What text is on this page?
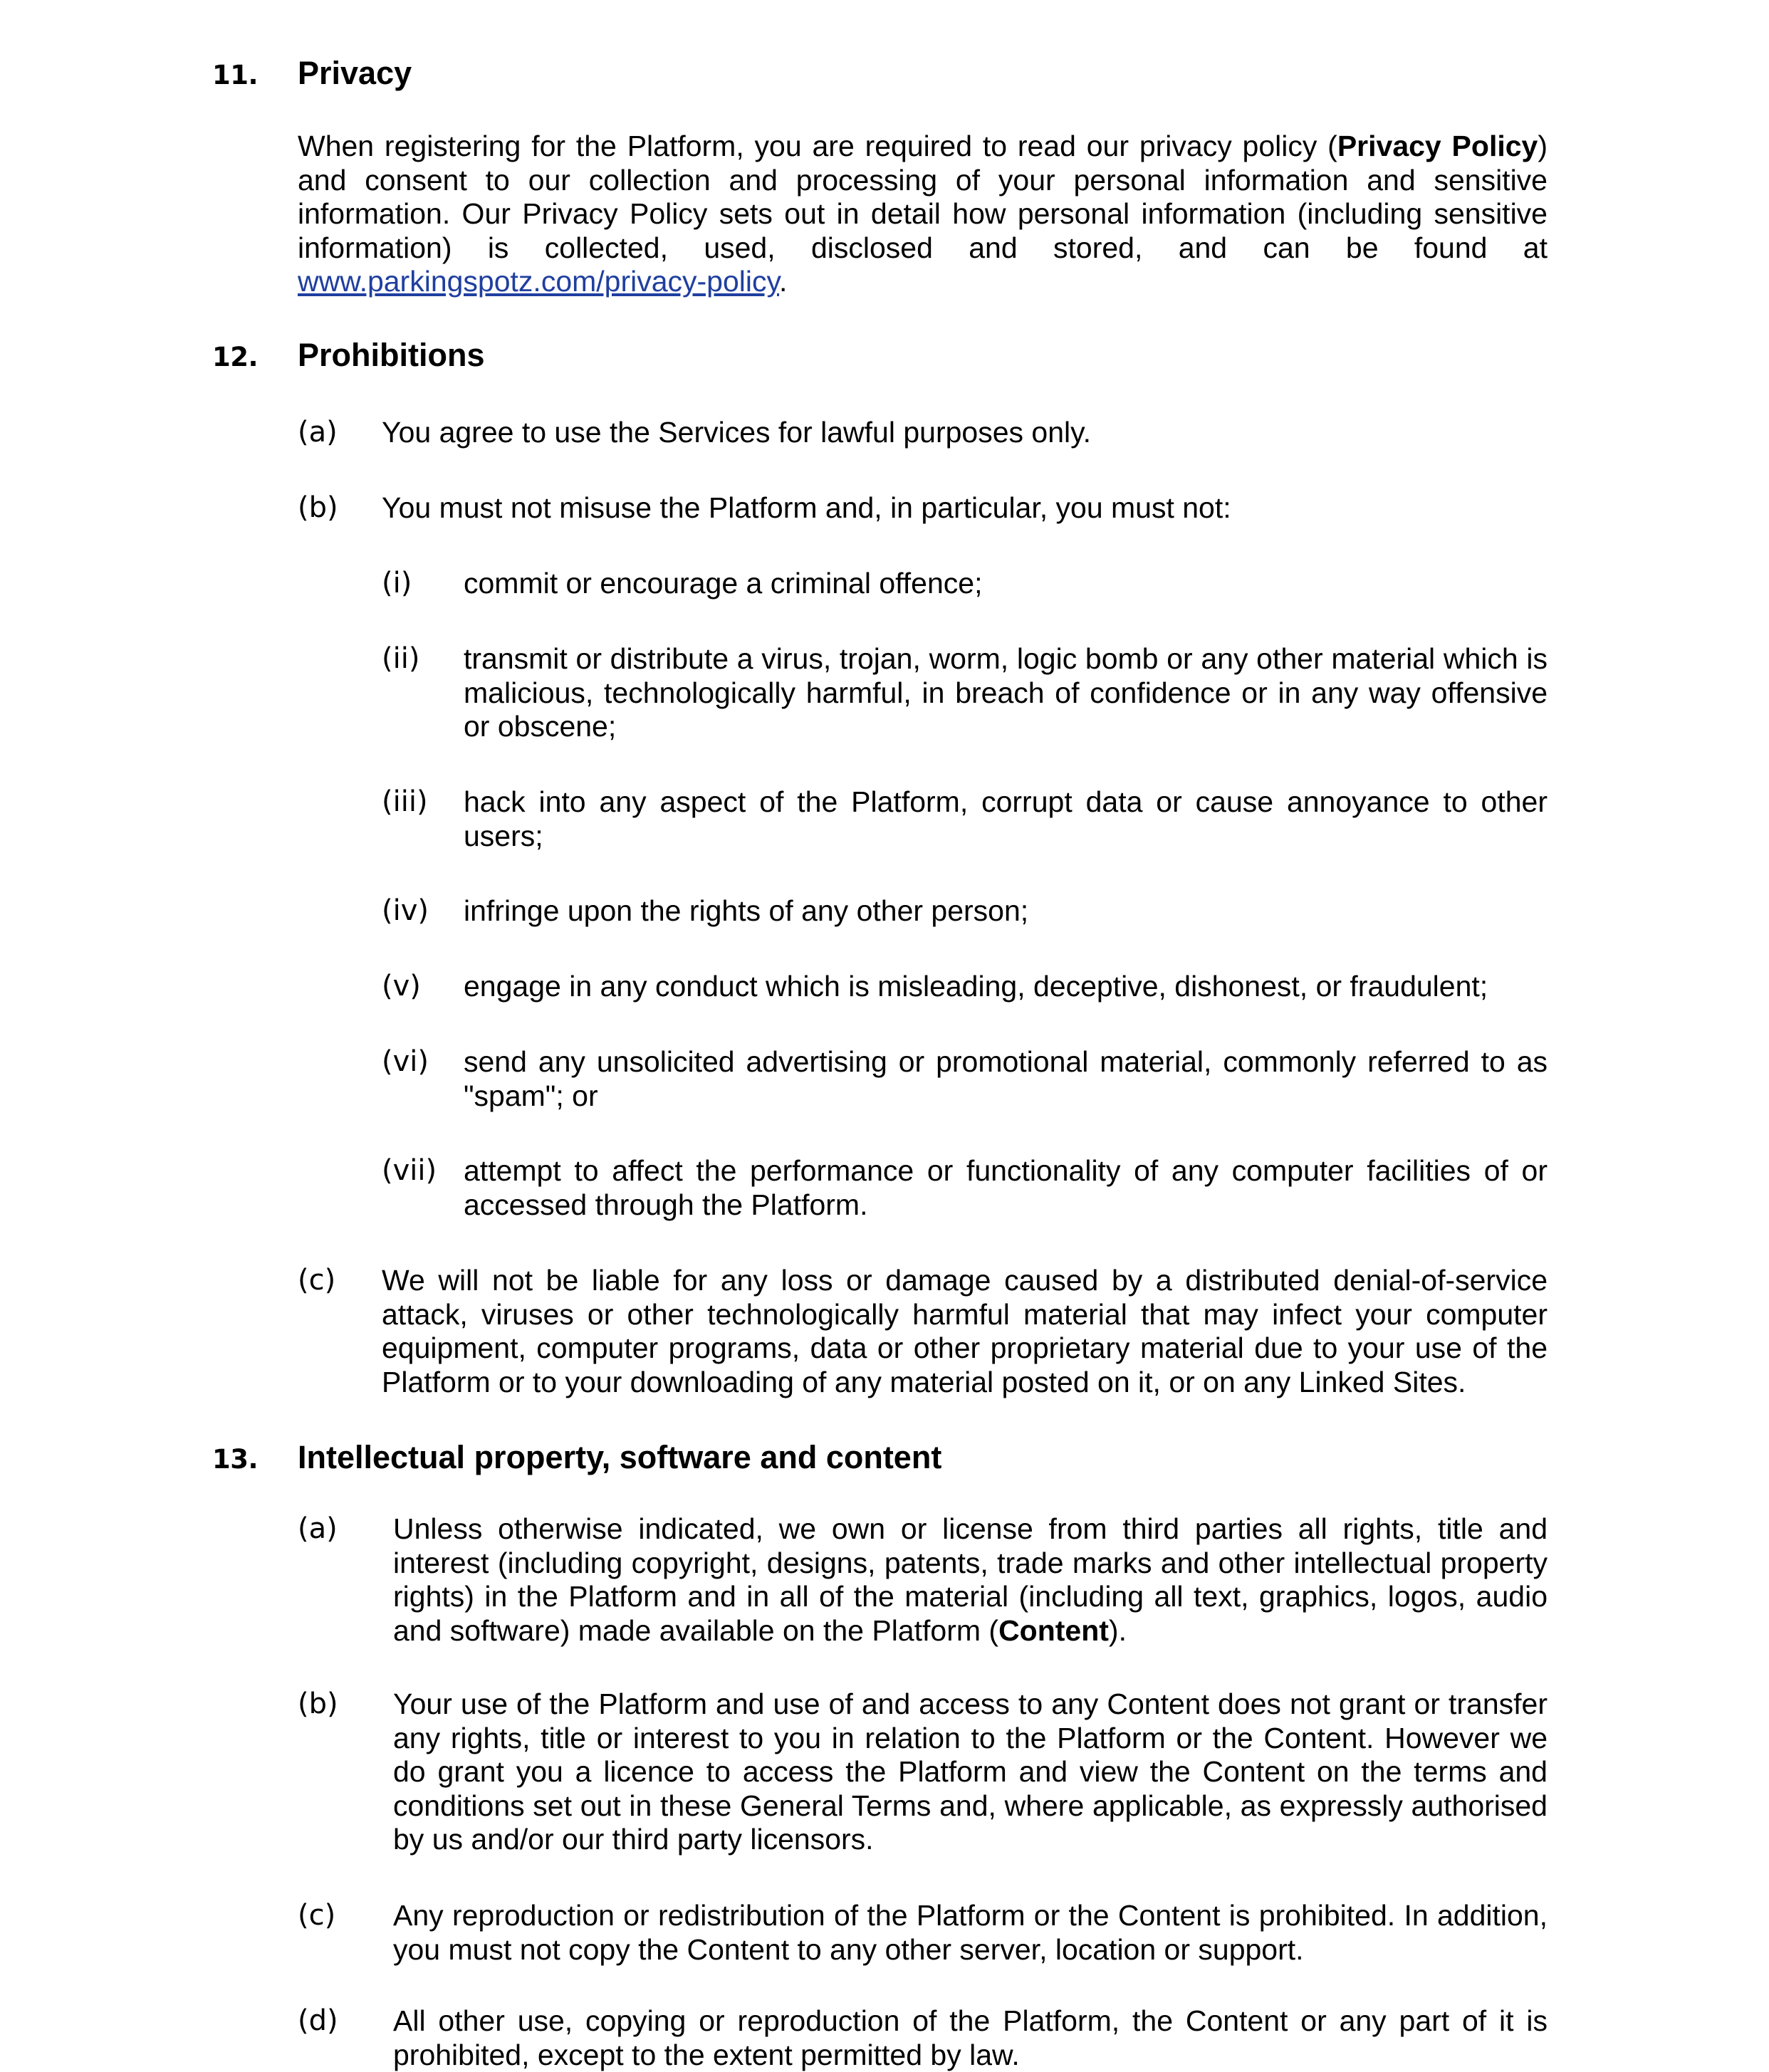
11. Privacy
When registering for the Platform, you are required to read our privacy policy (Privacy Policy) and consent to our collection and processing of your personal information and sensitive information. Our Privacy Policy sets out in detail how personal information (including sensitive information) is collected, used, disclosed and stored, and can be found at www.parkingspotz.com/privacy-policy.
12. Prohibitions
(a) You agree to use the Services for lawful purposes only.
(b) You must not misuse the Platform and, in particular, you must not:
(i) commit or encourage a criminal offence;
(ii) transmit or distribute a virus, trojan, worm, logic bomb or any other material which is malicious, technologically harmful, in breach of confidence or in any way offensive or obscene;
(iii) hack into any aspect of the Platform, corrupt data or cause annoyance to other users;
(iv) infringe upon the rights of any other person;
(v) engage in any conduct which is misleading, deceptive, dishonest, or fraudulent;
(vi) send any unsolicited advertising or promotional material, commonly referred to as "spam"; or
(vii) attempt to affect the performance or functionality of any computer facilities of or accessed through the Platform.
(c) We will not be liable for any loss or damage caused by a distributed denial-of-service attack, viruses or other technologically harmful material that may infect your computer equipment, computer programs, data or other proprietary material due to your use of the Platform or to your downloading of any material posted on it, or on any Linked Sites.
13. Intellectual property, software and content
(a) Unless otherwise indicated, we own or license from third parties all rights, title and interest (including copyright, designs, patents, trade marks and other intellectual property rights) in the Platform and in all of the material (including all text, graphics, logos, audio and software) made available on the Platform (Content).
(b) Your use of the Platform and use of and access to any Content does not grant or transfer any rights, title or interest to you in relation to the Platform or the Content. However we do grant you a licence to access the Platform and view the Content on the terms and conditions set out in these General Terms and, where applicable, as expressly authorised by us and/or our third party licensors.
(c) Any reproduction or redistribution of the Platform or the Content is prohibited. In addition, you must not copy the Content to any other server, location or support.
(d) All other use, copying or reproduction of the Platform, the Content or any part of it is prohibited, except to the extent permitted by law.
